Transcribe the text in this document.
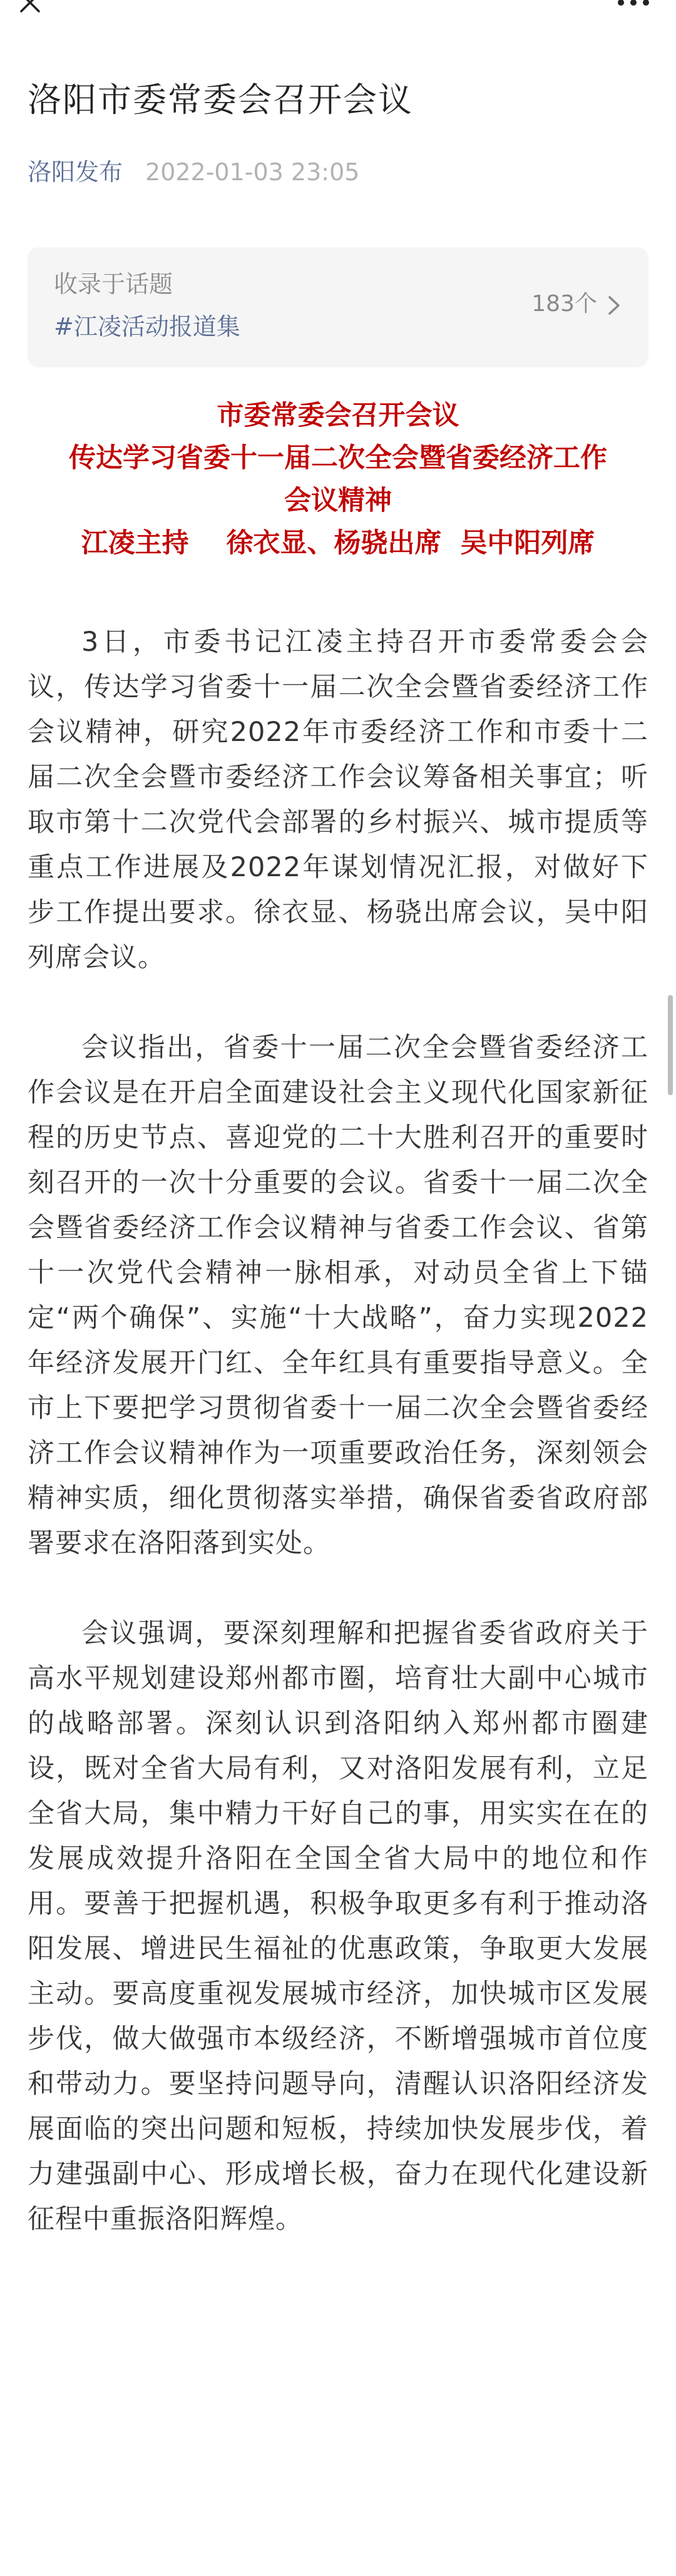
洛阳市委常委会召开会议
洛阳发布 2022-01-03 23:05
收录于话题
#江凌活动报道集
183个
市委常委会召开会议
传达学习省委十一届二次全会暨省委经济工作
会议精神
江凌主持    徐衣显、杨骁出席  吴中阳列席

3日，市委书记江凌主持召开市委常委会会议，传达学习省委十一届二次全会暨省委经济工作会议精神，研究2022年市委经济工作和市委十二届二次全会暨市委经济工作会议筹备相关事宜；听取市第十二次党代会部署的乡村振兴、城市提质等重点工作进展及2022年谋划情况汇报，对做好下步工作提出要求。徐衣显、杨骁出席会议，吴中阳列席会议。

会议指出，省委十一届二次全会暨省委经济工作会议是在开启全面建设社会主义现代化国家新征程的历史节点、喜迎党的二十大胜利召开的重要时刻召开的一次十分重要的会议。省委十一届二次全会暨省委经济工作会议精神与省委工作会议、省第十一次党代会精神一脉相承，对动员全省上下锚定“两个确保”、实施“十大战略”，奋力实现2022年经济发展开门红、全年红具有重要指导意义。全市上下要把学习贯彻省委十一届二次全会暨省委经济工作会议精神作为一项重要政治任务，深刻领会精神实质，细化贯彻落实举措，确保省委省政府部署要求在洛阳落到实处。

会议强调，要深刻理解和把握省委省政府关于高水平规划建设郑州都市圈，培育壮大副中心城市的战略部署。深刻认识到洛阳纳入郑州都市圈建设，既对全省大局有利，又对洛阳发展有利，立足全省大局，集中精力干好自己的事，用实实在在的发展成效提升洛阳在全国全省大局中的地位和作用。要善于把握机遇，积极争取更多有利于推动洛阳发展、增进民生福祉的优惠政策，争取更大发展主动。要高度重视发展城市经济，加快城市区发展步伐，做大做强市本级经济，不断增强城市首位度和带动力。要坚持问题导向，清醒认识洛阳经济发展面临的突出问题和短板，持续加快发展步伐，着力建强副中心、形成增长极，奋力在现代化建设新征程中重振洛阳辉煌。
